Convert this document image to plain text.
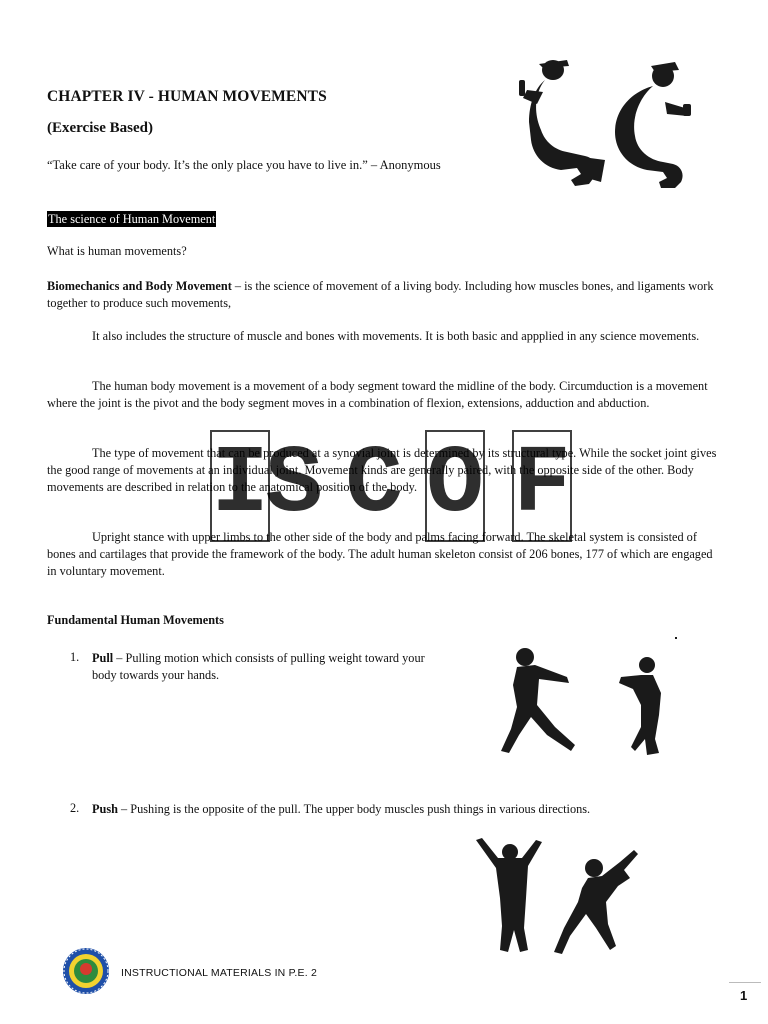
CHAPTER IV - HUMAN MOVEMENTS
(Exercise Based)
“Take care of your body. It’s the only place you have to live in.” – Anonymous
The science of Human Movement
What is human movements?

Biomechanics and Body Movement – is the science of movement of a living body. Including how muscles bones, and ligaments work together to produce such movements,

It also includes the structure of muscle and bones with movements. It is both basic and appplied in any science movements.

The human body movement is a movement of a body segment toward the midline of the body. Circumduction is a movement where the joint is the pivot and the body segment moves in a combination of flexion, extensions, adduction and abduction.

The type of movement that can be produced at a synovial joint is determined by its structural type. While the socket joint gives the good range of movements at an individual joint. Movement kinds are generally paired, with the opposite side of the other. Body movements are described in relation to the anatomical position of the body.

Upright stance with upper limbs to the other side of the body and palms facing forward. The skeletal system is consisted of bones and cartilages that provide the framework of the body. The adult human skeleton consist of 206 bones, 177 of which are engaged in voluntary movement.

I
S C O F
Fundamental Human Movements
1. Pull – Pulling motion which consists of pulling weight toward your body towards your hands.

2. Push – Pushing is the opposite of the pull. The upper body muscles push things in various directions.

INSTRUCTIONAL MATERIALS IN P.E. 2
1
